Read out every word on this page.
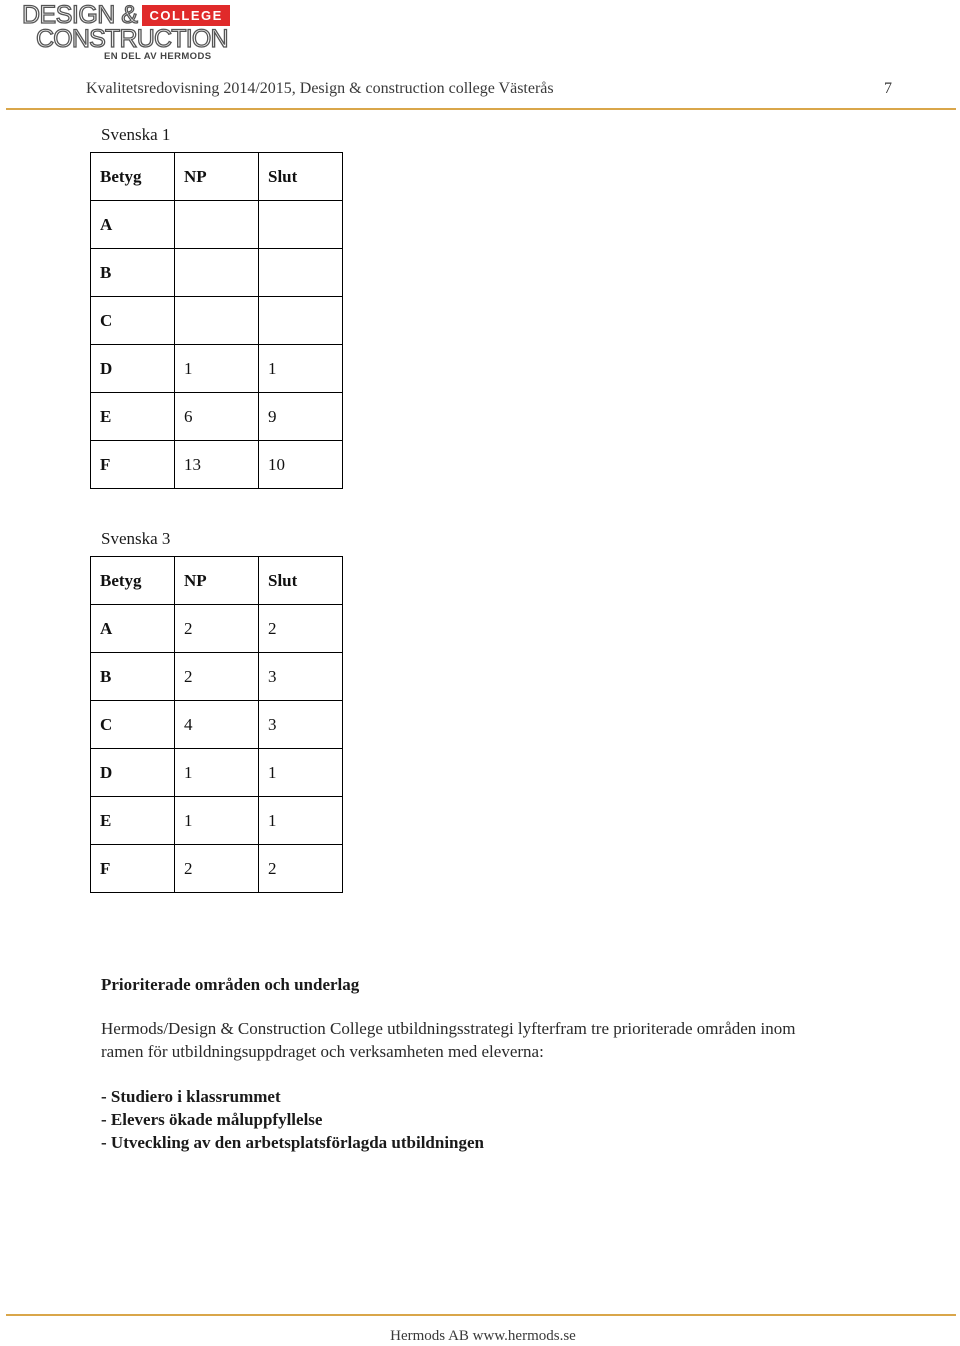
DESIGN & COLLEGE
CONSTRUCTION
EN DEL AV HERMODS
Kvalitetsredovisning 2014/2015, Design & construction college Västerås	7
Svenska 1
Betyg	NP	Slut
A		
B		
C		
D	1	1
E	6	9
F	13	10
Svenska 3
Betyg	NP	Slut
A	2	2
B	2	3
C	4	3
D	1	1
E	1	1
F	2	2
Prioriterade områden och underlag
Hermods/Design & Construction College utbildningsstrategi lyfterfram tre prioriterade områden inom ramen för utbildningsuppdraget och verksamheten med eleverna:
- Studiero i klassrummet
- Elevers ökade måluppfyllelse
- Utveckling av den arbetsplatsförlagda utbildningen
Hermods AB www.hermods.se
